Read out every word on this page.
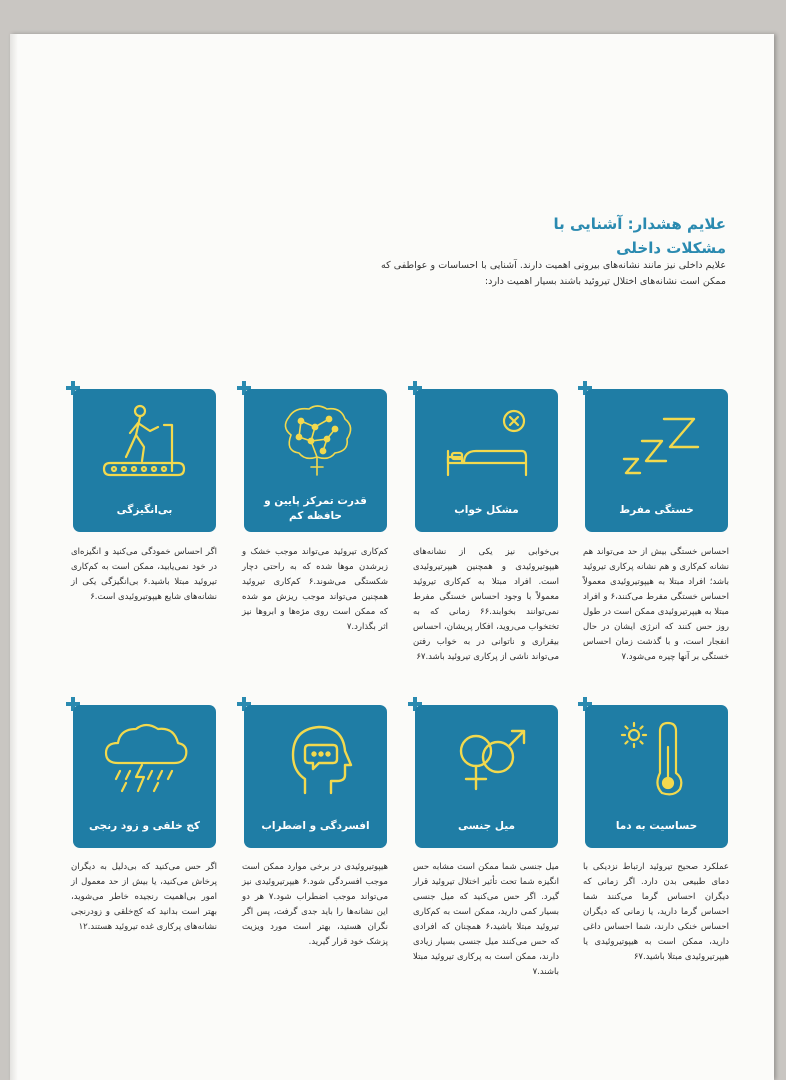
علایم هشدار: آشنایی با
مشکلات داخلی
علایم داخلی نیز مانند نشانه‌های بیرونی اهمیت دارند. آشنایی با احساسات و عواطفی که ممکن است نشانه‌های اختلال تیروئید باشند بسیار اهمیت دارد:
خستگی مفرط
احساس خستگی بیش از حد می‌تواند هم نشانه کم‌کاری و هم نشانه پرکاری تیروئید باشد؛ افراد مبتلا به هیپوتیروئیدی معمولاً احساس خستگی مفرط می‌کنند،۶ و افراد مبتلا به هیپرتیروئیدی ممکن است در طول روز حس کنند که انرژی ایشان در حال انفجار است، و با گذشت زمان احساس خستگی بر آنها چیره می‌شود.۷
مشکل خواب
بی‌خوابی نیز یکی از نشانه‌های هیپوتیروئیدی و همچنین هیپرتیروئیدی است. افراد مبتلا به کم‌کاری تیروئید معمولاً با وجود احساس خستگی مفرط نمی‌توانند بخوابند.۶۶ زمانی که به تختخواب می‌روید، افکار پریشان، احساس بیقراری و ناتوانی در به خواب رفتن می‌تواند ناشی از پرکاری تیروئید باشد.۶۷
قدرت تمرکز پایین و حافظه کم
کم‌کاری تیروئید می‌تواند موجب خشک و زبرشدن موها شده که به راحتی دچار شکستگی می‌شوند.۶ کم‌کاری تیروئید همچنین می‌تواند موجب ریزش مو شده که ممکن است روی مژه‌ها و ابروها نیز اثر بگذارد.۷
بی‌انگیزگی
اگر احساس خمودگی می‌کنید و انگیزه‌ای در خود نمی‌یابید، ممکن است به کم‌کاری تیروئید مبتلا باشید.۶ بی‌انگیزگی یکی از نشانه‌های شایع هیپوتیروئیدی است.۶
حساسیت به دما
عملکرد صحیح تیروئید ارتباط نزدیکی با دمای طبیعی بدن دارد. اگر زمانی که دیگران احساس گرما می‌کنند شما احساس گرما دارید، یا زمانی که دیگران احساس خنکی دارند، شما احساس داغی دارید، ممکن است به هیپوتیروئیدی یا هیپرتیروئیدی مبتلا باشید.۶۷
میل جنسی
میل جنسی شما ممکن است مشابه حس انگیزه شما تحت تأثیر اختلال تیروئید قرار گیرد. اگر حس می‌کنید که میل جنسی بسیار کمی دارید، ممکن است به کم‌کاری تیروئید مبتلا باشید،۶ همچنان که افرادی که حس می‌کنند میل جنسی بسیار زیادی دارند، ممکن است به پرکاری تیروئید مبتلا باشند.۷
افسردگی و اضطراب
هیپوتیروئیدی در برخی موارد ممکن است موجب افسردگی شود.۶ هیپرتیروئیدی نیز می‌تواند موجب اضطراب شود.۷ هر دو این نشانه‌ها را باید جدی گرفت، پس اگر نگران هستید، بهتر است مورد ویزیت پزشک خود قرار گیرید.
کج خلقی و زود رنجی
اگر حس می‌کنید که بی‌دلیل به دیگران پرخاش می‌کنید، یا بیش از حد معمول از امور بی‌اهمیت رنجیده خاطر می‌شوید، بهتر است بدانید که کج‌خلقی و زودرنجی نشانه‌های پرکاری غده تیروئید هستند.۱۲
